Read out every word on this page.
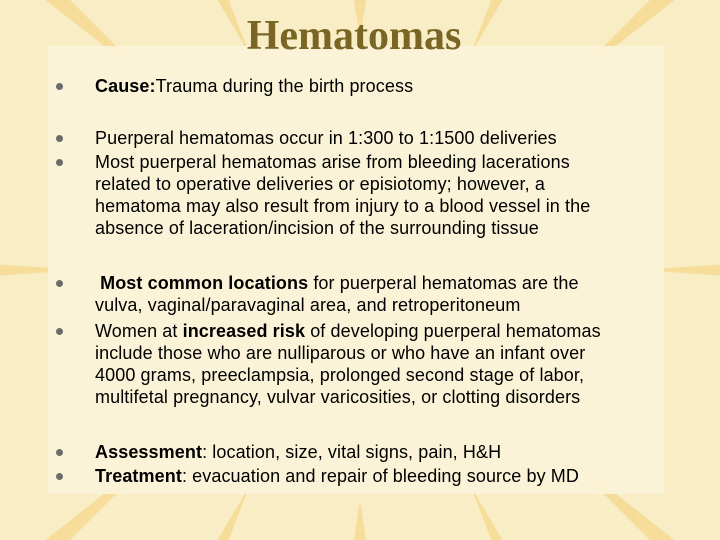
Hematomas
Cause:Trauma during the birth process
Puerperal hematomas occur in 1:300 to 1:1500 deliveries
Most puerperal hematomas arise from bleeding lacerations
related to operative deliveries or episiotomy; however, a
hematoma may also result from injury to a blood vessel in the
absence of laceration/incision of the surrounding tissue
Most common locations for puerperal hematomas are the
vulva, vaginal/paravaginal area, and retroperitoneum
Women at increased risk of developing puerperal hematomas
include those who are nulliparous or who have an infant over
4000 grams, preeclampsia, prolonged second stage of labor,
multifetal pregnancy, vulvar varicosities, or clotting disorders
Assessment: location, size, vital signs, pain, H&H
Treatment: evacuation and repair of bleeding source by MD
